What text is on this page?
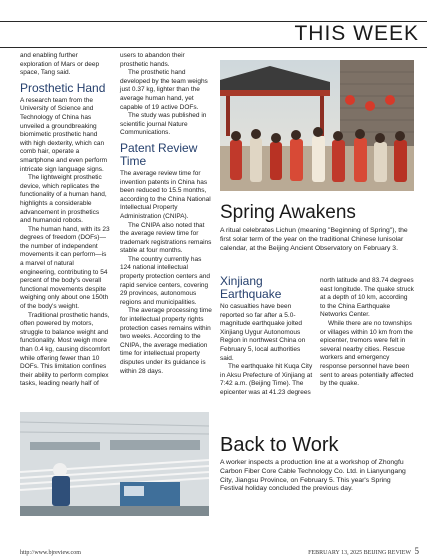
THIS WEEK

and enabling further exploration of Mars or deep space, Tang said.

Prosthetic Hand

A research team from the University of Science and Technology of China has unveiled a groundbreaking biomimetic prosthetic hand with high dexterity, which can comb hair, operate a smartphone and even perform intricate sign language signs.

The lightweight prosthetic device, which replicates the functionality of a human hand, highlights a considerable advancement in prosthetics and humanoid robots.

The human hand, with its 23 degrees of freedom (DOFs)—the number of independent movements it can perform—is a marvel of natural engineering, contributing to 54 percent of the body's overall functional movements despite weighing only about one 150th of the body's weight.

Traditional prosthetic hands, often powered by motors, struggle to balance weight and functionality. Most weigh more than 0.4 kg, causing discomfort while offering fewer than 10 DOFs. This limitation confines their ability to perform complex tasks, leading nearly half of

users to abandon their prosthetic hands.

The prosthetic hand developed by the team weighs just 0.37 kg, lighter than the average human hand, yet capable of 19 active DOFs.

The study was published in scientific journal Nature Communications.

Patent Review Time

The average review time for invention patents in China has been reduced to 15.5 months, according to the China National Intellectual Property Administration (CNIPA).

The CNIPA also noted that the average review time for trademark registrations remains stable at four months.

The country currently has 124 national intellectual property protection centers and rapid service centers, covering 29 provinces, autonomous regions and municipalities.

The average processing time for intellectual property rights protection cases remains within two weeks. According to the CNIPA, the average mediation time for intellectual property disputes under its guidance is within 28 days.

Spring Awakens
A ritual celebrates Lichun (meaning "Beginning of Spring"), the first solar term of the year on the traditional Chinese lunisolar calendar, at the Beijing Ancient Observatory on February 3.
Xinjiang Earthquake

No casualties have been reported so far after a 5.0-magnitude earthquake jolted Xinjiang Uygur Autonomous Region in northwest China on February 5, local authorities said.

The earthquake hit Kuqa City in Aksu Prefecture of Xinjiang at 7:42 a.m. (Beijing Time). The epicenter was at 41.23 degrees

north latitude and 83.74 degrees east longitude. The quake struck at a depth of 10 km, according to the China Earthquake Networks Center.

While there are no townships or villages within 10 km from the epicenter, tremors were felt in several nearby cities. Rescue workers and emergency response personnel have been sent to areas potentially affected by the quake.

Back to Work
A worker inspects a production line at a workshop of Zhongfu Carbon Fiber Core Cable Technology Co. Ltd. in Lianyungang City, Jiangsu Province, on February 5. This year's Spring Festival holiday concluded the previous day.
http://www.bjreview.com	FEBRUARY 13, 2025 BEIJING REVIEW 5
